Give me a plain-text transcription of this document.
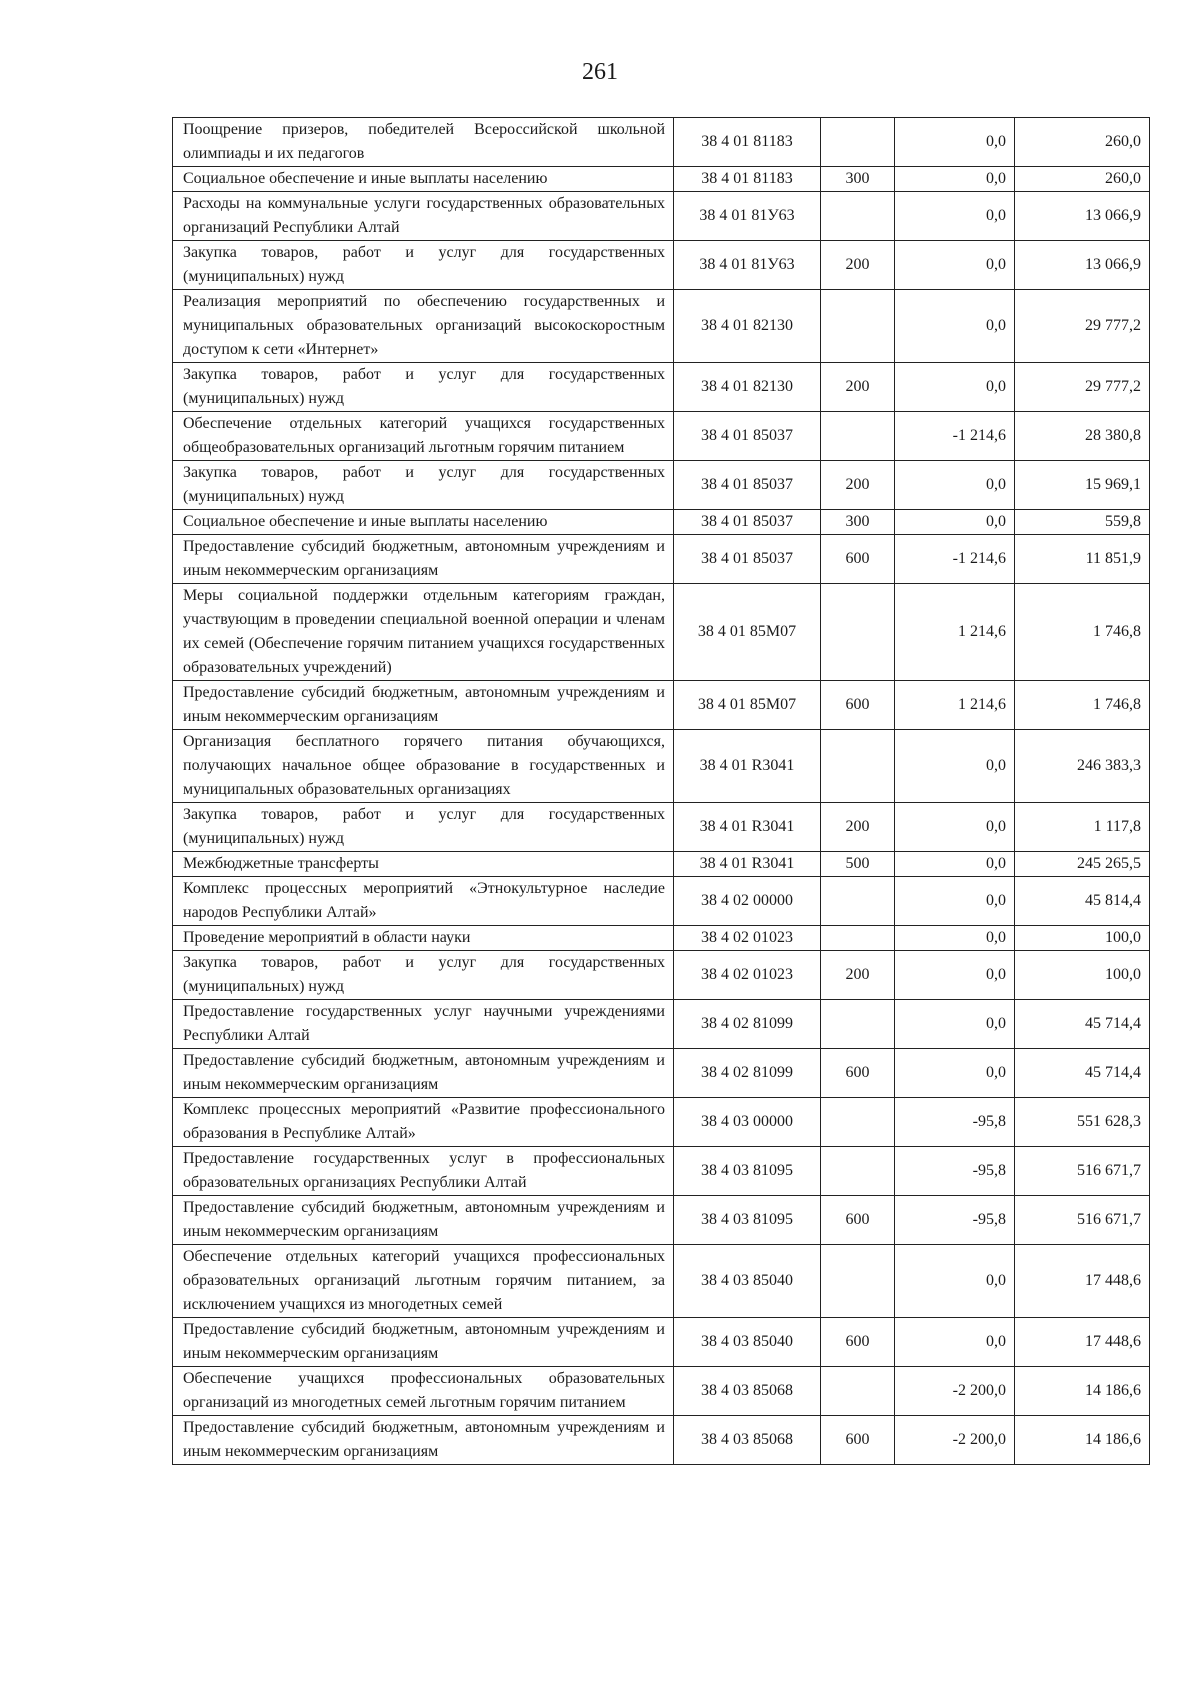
261
Поощрение призеров, победителей Всероссийской школьной олимпиады и их педагогов	38 4 01 81183		0,0	260,0
Социальное обеспечение и иные выплаты населению	38 4 01 81183	300	0,0	260,0
Расходы на коммунальные услуги государственных образовательных организаций Республики Алтай	38 4 01 81У63		0,0	13 066,9
Закупка товаров, работ и услуг для государственных (муниципальных) нужд	38 4 01 81У63	200	0,0	13 066,9
Реализация мероприятий по обеспечению государственных и муниципальных образовательных организаций высокоскоростным доступом к сети «Интернет»	38 4 01 82130		0,0	29 777,2
Закупка товаров, работ и услуг для государственных (муниципальных) нужд	38 4 01 82130	200	0,0	29 777,2
Обеспечение отдельных категорий учащихся государственных общеобразовательных организаций льготным горячим питанием	38 4 01 85037		-1 214,6	28 380,8
Закупка товаров, работ и услуг для государственных (муниципальных) нужд	38 4 01 85037	200	0,0	15 969,1
Социальное обеспечение и иные выплаты населению	38 4 01 85037	300	0,0	559,8
Предоставление субсидий бюджетным, автономным учреждениям и иным некоммерческим организациям	38 4 01 85037	600	-1 214,6	11 851,9
Меры социальной поддержки отдельным категориям граждан, участвующим в проведении специальной военной операции и членам их семей (Обеспечение горячим питанием учащихся государственных образовательных учреждений)	38 4 01 85М07		1 214,6	1 746,8
Предоставление субсидий бюджетным, автономным учреждениям и иным некоммерческим организациям	38 4 01 85М07	600	1 214,6	1 746,8
Организация бесплатного горячего питания обучающихся, получающих начальное общее образование в государственных и муниципальных образовательных организациях	38 4 01 R3041		0,0	246 383,3
Закупка товаров, работ и услуг для государственных (муниципальных) нужд	38 4 01 R3041	200	0,0	1 117,8
Межбюджетные трансферты	38 4 01 R3041	500	0,0	245 265,5
Комплекс процессных мероприятий «Этнокультурное наследие народов Республики Алтай»	38 4 02 00000		0,0	45 814,4
Проведение мероприятий в области науки	38 4 02 01023		0,0	100,0
Закупка товаров, работ и услуг для государственных (муниципальных) нужд	38 4 02 01023	200	0,0	100,0
Предоставление государственных услуг научными учреждениями Республики Алтай	38 4 02 81099		0,0	45 714,4
Предоставление субсидий бюджетным, автономным учреждениям и иным некоммерческим организациям	38 4 02 81099	600	0,0	45 714,4
Комплекс процессных мероприятий «Развитие профессионального образования в Республике Алтай»	38 4 03 00000		-95,8	551 628,3
Предоставление государственных услуг в профессиональных образовательных организациях Республики Алтай	38 4 03 81095		-95,8	516 671,7
Предоставление субсидий бюджетным, автономным учреждениям и иным некоммерческим организациям	38 4 03 81095	600	-95,8	516 671,7
Обеспечение отдельных категорий учащихся профессиональных образовательных организаций льготным горячим питанием, за исключением учащихся из многодетных семей	38 4 03 85040		0,0	17 448,6
Предоставление субсидий бюджетным, автономным учреждениям и иным некоммерческим организациям	38 4 03 85040	600	0,0	17 448,6
Обеспечение учащихся профессиональных образовательных организаций из многодетных семей льготным горячим питанием	38 4 03 85068		-2 200,0	14 186,6
Предоставление субсидий бюджетным, автономным учреждениям и иным некоммерческим организациям	38 4 03 85068	600	-2 200,0	14 186,6
